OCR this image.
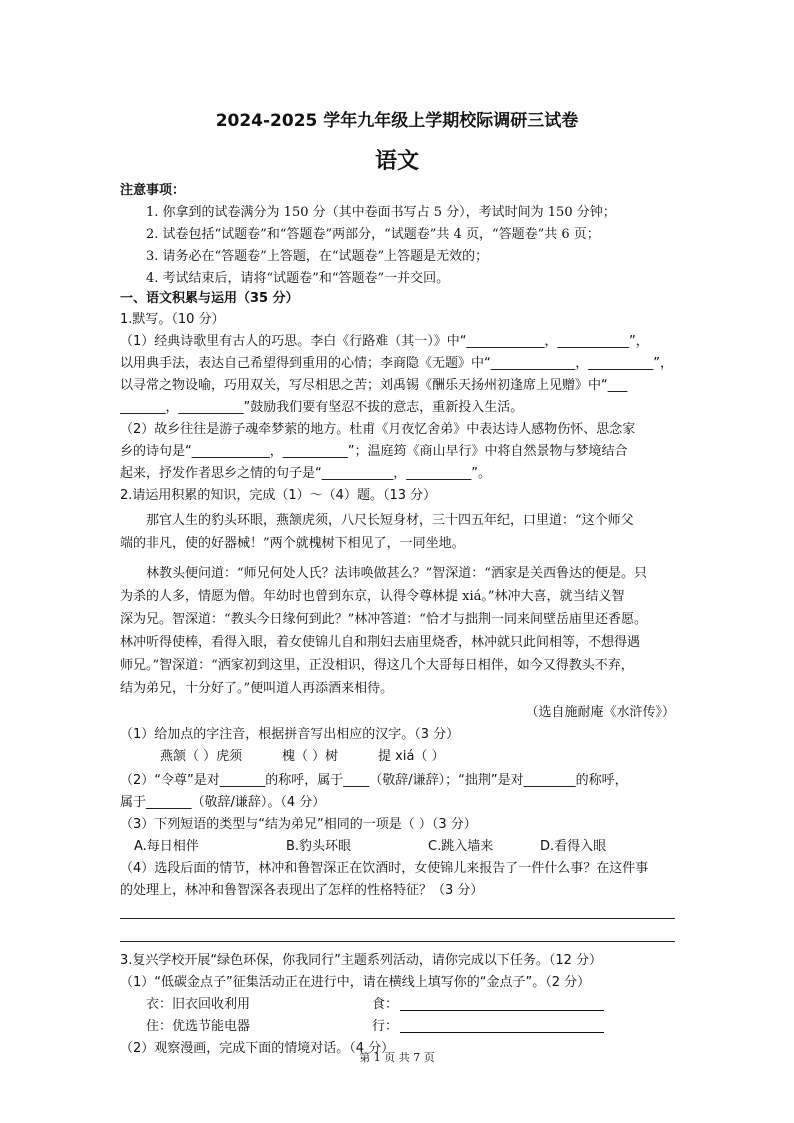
2024-2025 学年九年级上学期校际调研三试卷
语文
注意事项：
1. 你拿到的试卷满分为 150 分（其中卷面书写占 5 分），考试时间为 150 分钟；
2. 试卷包括“试题卷”和“答题卷”两部分，“试题卷”共 4 页，“答题卷”共 6 页；
3. 请务必在“答题卷”上答题，在“试题卷”上答题是无效的；
4. 考试结束后，请将“试题卷”和“答题卷”一并交回。
一、语文积累与运用（35 分）
1.默写。（10 分）
（1）经典诗歌里有古人的巧思。李白《行路难（其一）》中“____________，___________”，
以用典手法，表达自己希望得到重用的心情；李商隐《无题》中“_____________，__________”，
以寻常之物设喻，巧用双关，写尽相思之苦；刘禹锡《酬乐天扬州初逢席上见赠》中“___
_______，__________”鼓励我们要有坚忍不拔的意志，重新投入生活。
（2）故乡往往是游子魂牵梦萦的地方。杜甫《月夜忆舍弟》中表达诗人感物伤怀、思念家
乡的诗句是“____________，__________”；温庭筠《商山早行》中将自然景物与梦境结合
起来，抒发作者思乡之情的句子是“___________，__________”。
2.请运用积累的知识，完成（1）～（4）题。（13 分）
那官人生的豹头环眼，燕颔虎须，八尺长短身材，三十四五年纪，口里道：“这个师父
端的非凡，使的好器械！”两个就槐树下相见了，一同坐地。
林教头便问道：“师兄何处人氏？法讳唤做甚么？”智深道：“洒家是关西鲁达的便是。只
为杀的人多，情愿为僧。年幼时也曾到东京，认得令尊林提 xiá。”林冲大喜，就当结义智
深为兄。智深道：“教头今日缘何到此？”林冲答道：“恰才与拙荆一同来间壁岳庙里还香愿。
林冲听得使棒，看得入眼，着女使锦儿自和荆妇去庙里烧香，林冲就只此间相等，不想得遇
师兄。”智深道：“洒家初到这里，正没相识，得这几个大哥每日相伴，如今又得教头不弃，
结为弟兄，十分好了。”便叫道人再添酒来相待。
（选自施耐庵《水浒传》）
（1）给加点的字注音，根据拼音写出相应的汉字。（3 分）
燕颔（ ）虎须	槐（ ）树	提 xiá（ ）
（2）“令尊”是对_______的称呼，属于____（敬辞/谦辞）；“拙荆”是对________的称呼，
属于_______（敬辞/谦辞）。（4 分）
（3）下列短语的类型与“结为弟兄”相同的一项是（ ）（3 分）
A.每日相伴	B.豹头环眼	C.跳入墙来	D.看得入眼
（4）选段后面的情节，林冲和鲁智深正在饮酒时，女使锦儿来报告了一件什么事？在这件事
的处理上，林冲和鲁智深各表现出了怎样的性格特征？（3 分）
3.复兴学校开展“绿色环保，你我同行”主题系列活动，请你完成以下任务。（12 分）
（1）“低碳金点子”征集活动正在进行中，请在横线上填写你的“金点子”。（2 分）
衣：旧衣回收利用	食：
住：优选节能电器	行：
第 1 页 共 7 页
（2）观察漫画，完成下面的情境对话。（4 分）
